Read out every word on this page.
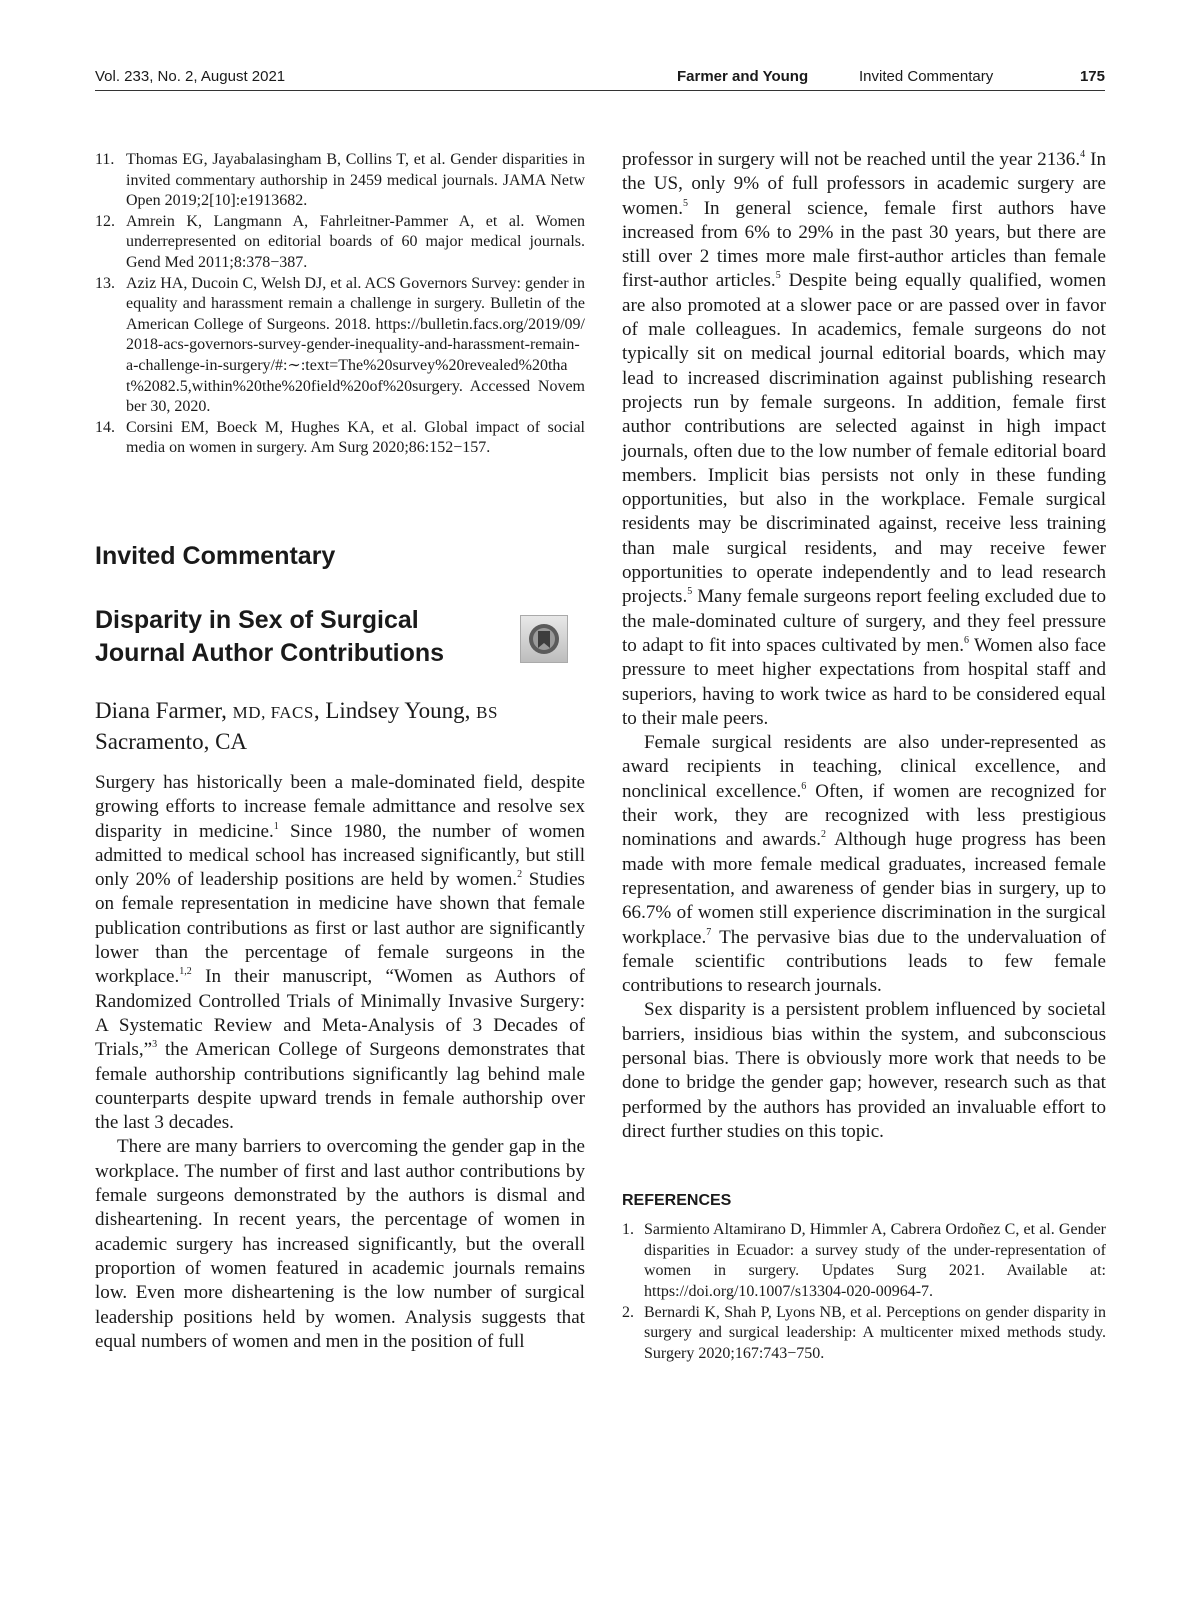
Vol. 233, No. 2, August 2021	Farmer and Young	Invited Commentary	175
11. Thomas EG, Jayabalasingham B, Collins T, et al. Gender disparities in invited commentary authorship in 2459 medical journals. JAMA Netw Open 2019;2[10]:e1913682.
12. Amrein K, Langmann A, Fahrleitner-Pammer A, et al. Women underrepresented on editorial boards of 60 major medical journals. Gend Med 2011;8:378−387.
13. Aziz HA, Ducoin C, Welsh DJ, et al. ACS Governors Survey: gender inequality and harassment remain a challenge in surgery. Bulletin of the American College of Surgeons. 2018. https://bulletin.facs.org/2019/09/2018-acs-governors-survey-gender-inequality-and-harassment-remain-a-challenge-in-surgery/#:∼:text=The%20survey%20revealed%20that%2082.5,within%20the%20field%20of%20surgery. Accessed November 30, 2020.
14. Corsini EM, Boeck M, Hughes KA, et al. Global impact of social media on women in surgery. Am Surg 2020;86:152−157.
Invited Commentary
Disparity in Sex of Surgical Journal Author Contributions
Diana Farmer, MD, FACS, Lindsey Young, BS
Sacramento, CA

Surgery has historically been a male-dominated field, despite growing efforts to increase female admittance and resolve sex disparity in medicine.$^1$ Since 1980, the number of women admitted to medical school has increased significantly, but still only 20% of leadership positions are held by women.$^2$ Studies on female representation in medicine have shown that female publication contributions as first or last author are significantly lower than the percentage of female surgeons in the workplace.$^{1,2}$ In their manuscript, “Women as Authors of Randomized Controlled Trials of Minimally Invasive Surgery: A Systematic Review and Meta-Analysis of 3 Decades of Trials,”$^3$ the American College of Surgeons demonstrates that female authorship contributions significantly lag behind male counterparts despite upward trends in female authorship over the last 3 decades.

There are many barriers to overcoming the gender gap in the workplace. The number of first and last author contributions by female surgeons demonstrated by the authors is dismal and disheartening. In recent years, the percentage of women in academic surgery has increased significantly, but the overall proportion of women featured in academic journals remains low. Even more disheartening is the low number of surgical leadership positions held by women. Analysis suggests that equal numbers of women and men in the position of full

professor in surgery will not be reached until the year 2136.$^4$ In the US, only 9% of full professors in academic surgery are women.$^5$ In general science, female first authors have increased from 6% to 29% in the past 30 years, but there are still over 2 times more male first-author articles than female first-author articles.$^5$ Despite being equally qualified, women are also promoted at a slower pace or are passed over in favor of male colleagues. In academics, female surgeons do not typically sit on medical journal editorial boards, which may lead to increased discrimination against publishing research projects run by female surgeons. In addition, female first author contributions are selected against in high impact journals, often due to the low number of female editorial board members. Implicit bias persists not only in these funding opportunities, but also in the workplace. Female surgical residents may be discriminated against, receive less training than male surgical residents, and may receive fewer opportunities to operate independently and to lead research projects.$^5$ Many female surgeons report feeling excluded due to the male-dominated culture of surgery, and they feel pressure to adapt to fit into spaces cultivated by men.$^6$ Women also face pressure to meet higher expectations from hospital staff and superiors, having to work twice as hard to be considered equal to their male peers.

Female surgical residents are also under-represented as award recipients in teaching, clinical excellence, and nonclinical excellence.$^6$ Often, if women are recognized for their work, they are recognized with less prestigious nominations and awards.$^2$ Although huge progress has been made with more female medical graduates, increased female representation, and awareness of gender bias in surgery, up to 66.7% of women still experience discrimination in the surgical workplace.$^7$ The pervasive bias due to the undervaluation of female scientific contributions leads to few female contributions to research journals.

Sex disparity is a persistent problem influenced by societal barriers, insidious bias within the system, and subconscious personal bias. There is obviously more work that needs to be done to bridge the gender gap; however, research such as that performed by the authors has provided an invaluable effort to direct further studies on this topic.

REFERENCES
1. Sarmiento Altamirano D, Himmler A, Cabrera Ordoñez C, et al. Gender disparities in Ecuador: a survey study of the under-representation of women in surgery. Updates Surg 2021. Available at: https://doi.org/10.1007/s13304-020-00964-7.
2. Bernardi K, Shah P, Lyons NB, et al. Perceptions on gender disparity in surgery and surgical leadership: A multicenter mixed methods study. Surgery 2020;167:743−750.
